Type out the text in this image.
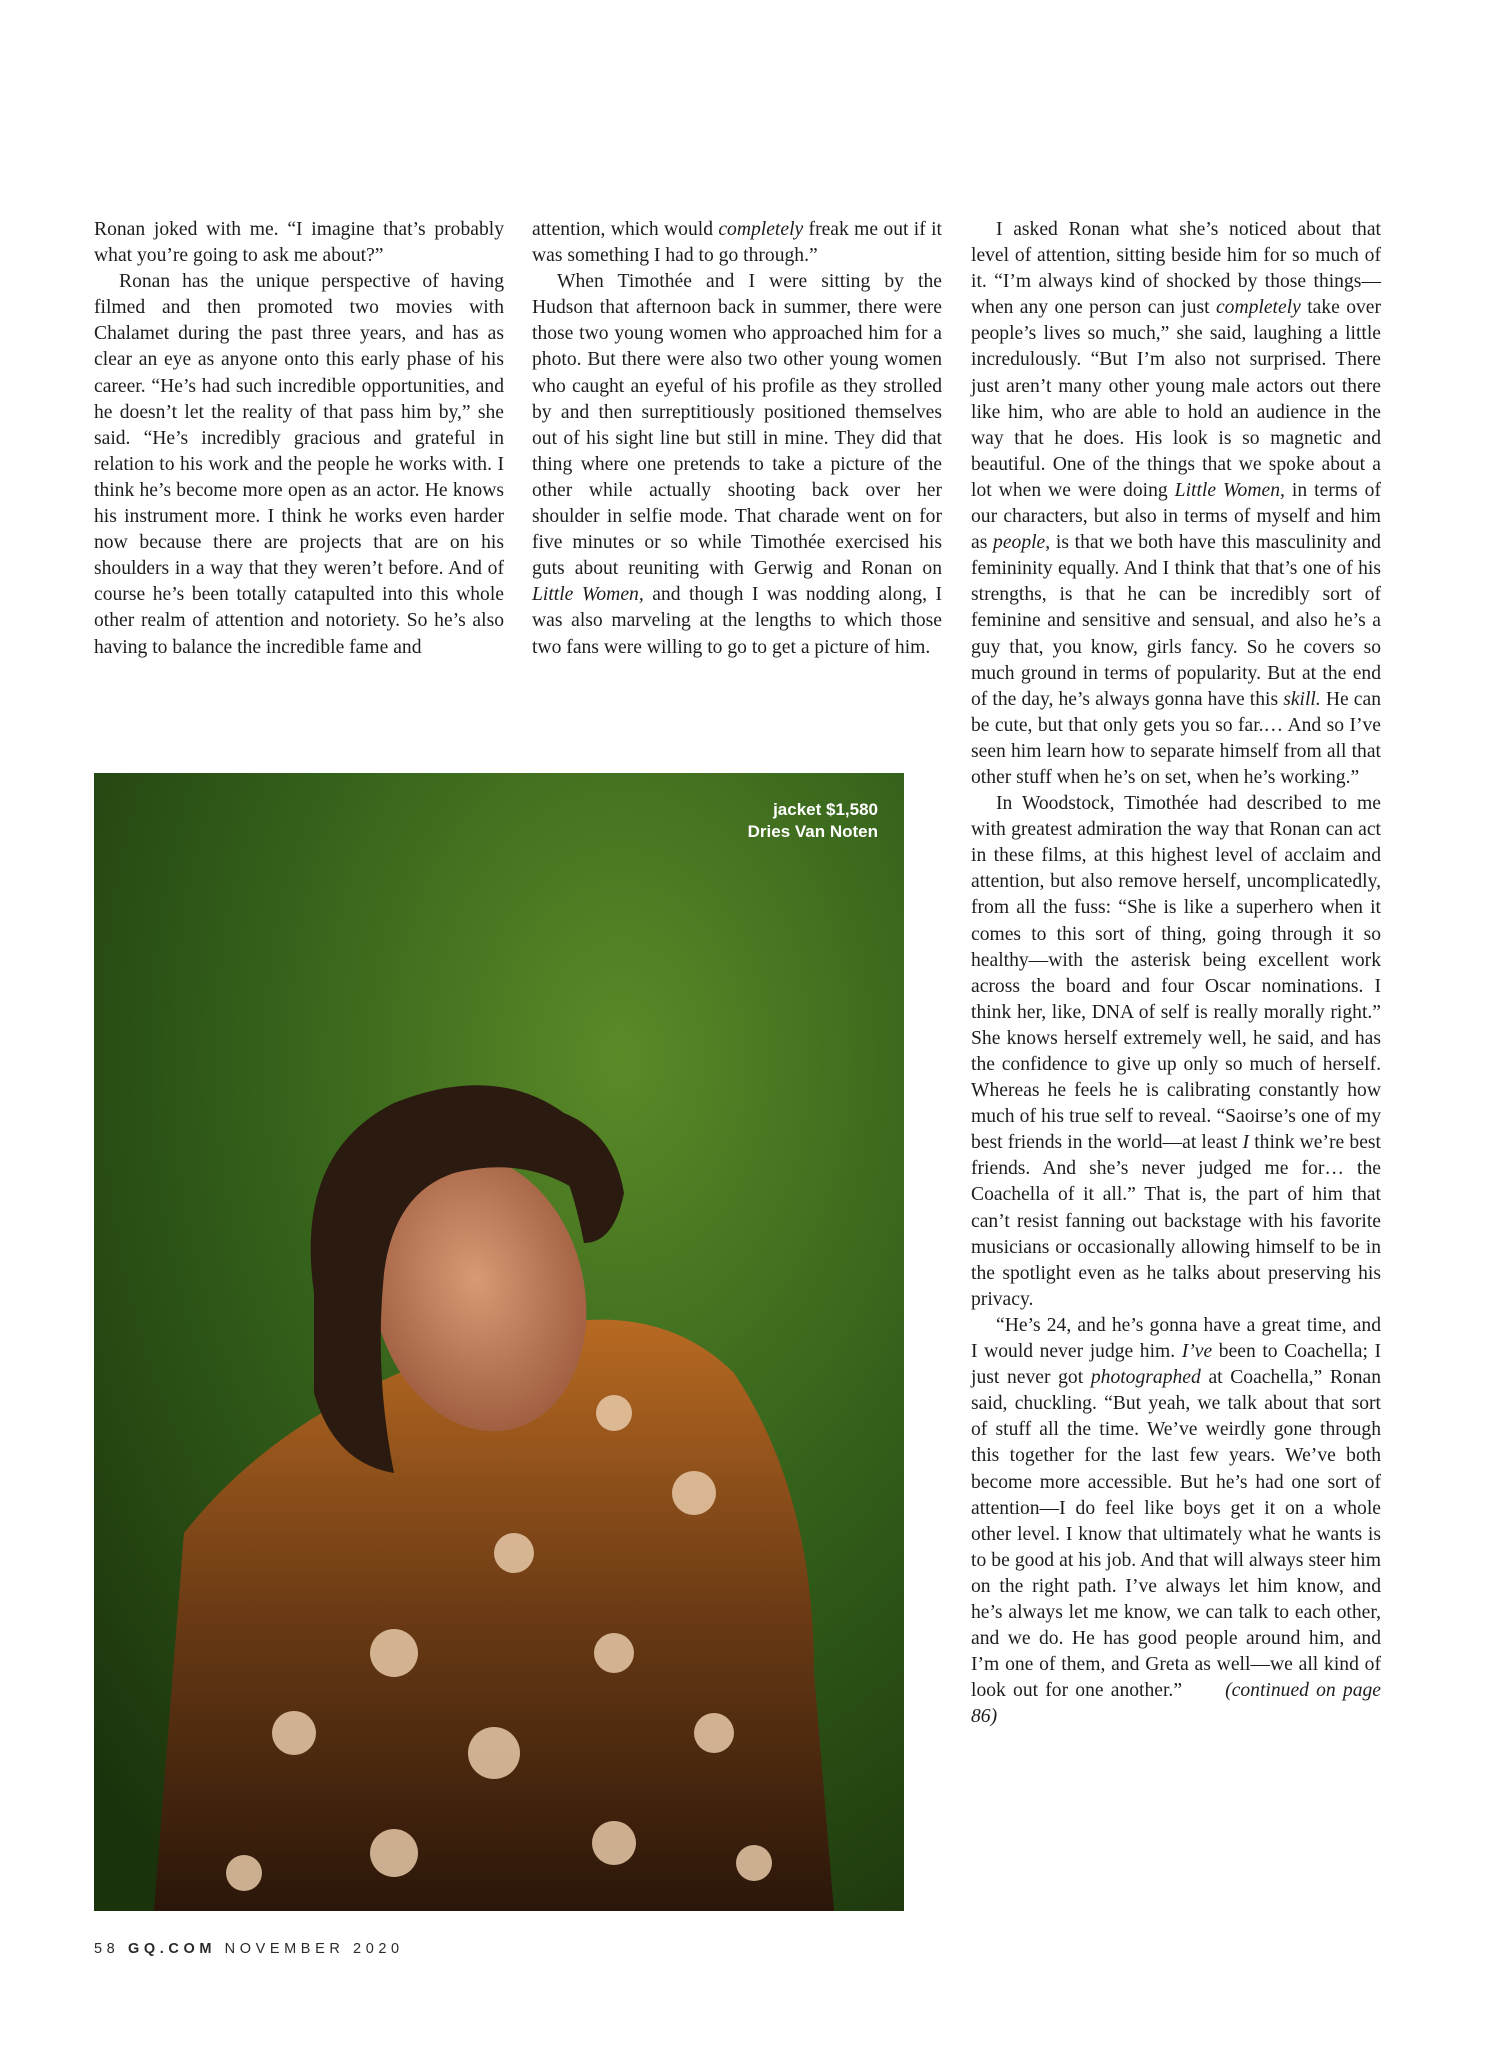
Ronan joked with me. “I imagine that’s probably what you’re going to ask me about?”

Ronan has the unique perspective of having filmed and then promoted two movies with Chalamet during the past three years, and has as clear an eye as anyone onto this early phase of his career. “He’s had such incredible opportunities, and he doesn’t let the reality of that pass him by,” she said. “He’s incredibly gracious and grateful in relation to his work and the people he works with. I think he’s become more open as an actor. He knows his instrument more. I think he works even harder now because there are projects that are on his shoulders in a way that they weren’t before. And of course he’s been totally catapulted into this whole other realm of attention and notoriety. So he’s also having to balance the incredible fame and

attention, which would completely freak me out if it was something I had to go through.”

When Timothée and I were sitting by the Hudson that afternoon back in summer, there were those two young women who approached him for a photo. But there were also two other young women who caught an eyeful of his profile as they strolled by and then surreptitiously positioned themselves out of his sight line but still in mine. They did that thing where one pretends to take a picture of the other while actually shooting back over her shoulder in selfie mode. That charade went on for five minutes or so while Timothée exercised his guts about reuniting with Gerwig and Ronan on Little Women, and though I was nodding along, I was also marveling at the lengths to which those two fans were willing to go to get a picture of him.

I asked Ronan what she’s noticed about that level of attention, sitting beside him for so much of it. “I’m always kind of shocked by those things—when any one person can just completely take over people’s lives so much,” she said, laughing a little incredulously. “But I’m also not surprised. There just aren’t many other young male actors out there like him, who are able to hold an audience in the way that he does. His look is so magnetic and beautiful. One of the things that we spoke about a lot when we were doing Little Women, in terms of our characters, but also in terms of myself and him as people, is that we both have this masculinity and femininity equally. And I think that that’s one of his strengths, is that he can be incredibly sort of feminine and sensitive and sensual, and also he’s a guy that, you know, girls fancy. So he covers so much ground in terms of popularity. But at the end of the day, he’s always gonna have this skill. He can be cute, but that only gets you so far.… And so I’ve seen him learn how to separate himself from all that other stuff when he’s on set, when he’s working.”

In Woodstock, Timothée had described to me with greatest admiration the way that Ronan can act in these films, at this highest level of acclaim and attention, but also remove herself, uncomplicatedly, from all the fuss: “She is like a superhero when it comes to this sort of thing, going through it so healthy—with the asterisk being excellent work across the board and four Oscar nominations. I think her, like, DNA of self is really morally right.” She knows herself extremely well, he said, and has the confidence to give up only so much of herself. Whereas he feels he is calibrating constantly how much of his true self to reveal. “Saoirse’s one of my best friends in the world—at least I think we’re best friends. And she’s never judged me for… the Coachella of it all.” That is, the part of him that can’t resist fanning out backstage with his favorite musicians or occasionally allowing himself to be in the spotlight even as he talks about preserving his privacy.

“He’s 24, and he’s gonna have a great time, and I would never judge him. I’ve been to Coachella; I just never got photographed at Coachella,” Ronan said, chuckling. “But yeah, we talk about that sort of stuff all the time. We’ve weirdly gone through this together for the last few years. We’ve both become more accessible. But he’s had one sort of attention—I do feel like boys get it on a whole other level. I know that ultimately what he wants is to be good at his job. And that will always steer him on the right path. I’ve always let him know, and he’s always let me know, we can talk to each other, and we do. He has good people around him, and I’m one of them, and Greta as well—we all kind of look out for one another.” (continued on page 86)

jacket $1,580
Dries Van Noten
58 GQ.COM NOVEMBER 2020
